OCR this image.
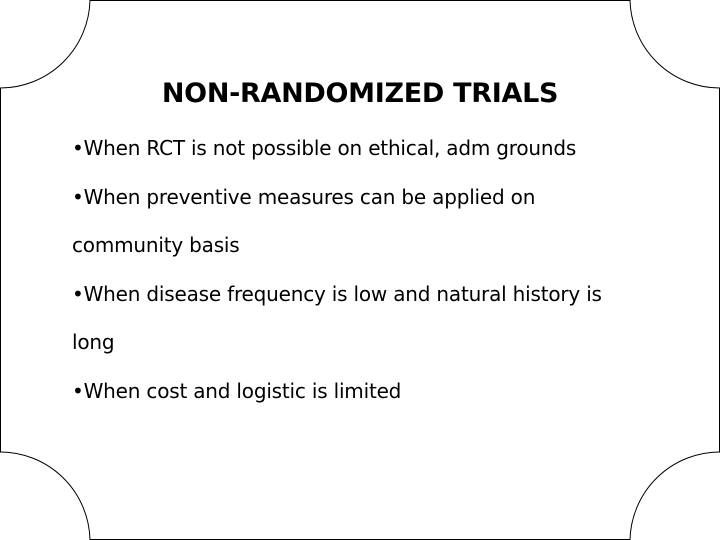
NON-RANDOMIZED TRIALS
•When RCT is not possible on ethical, adm grounds
•When preventive measures can be applied on
community basis
•When disease frequency is low and natural history is
long
•When cost and logistic is limited
